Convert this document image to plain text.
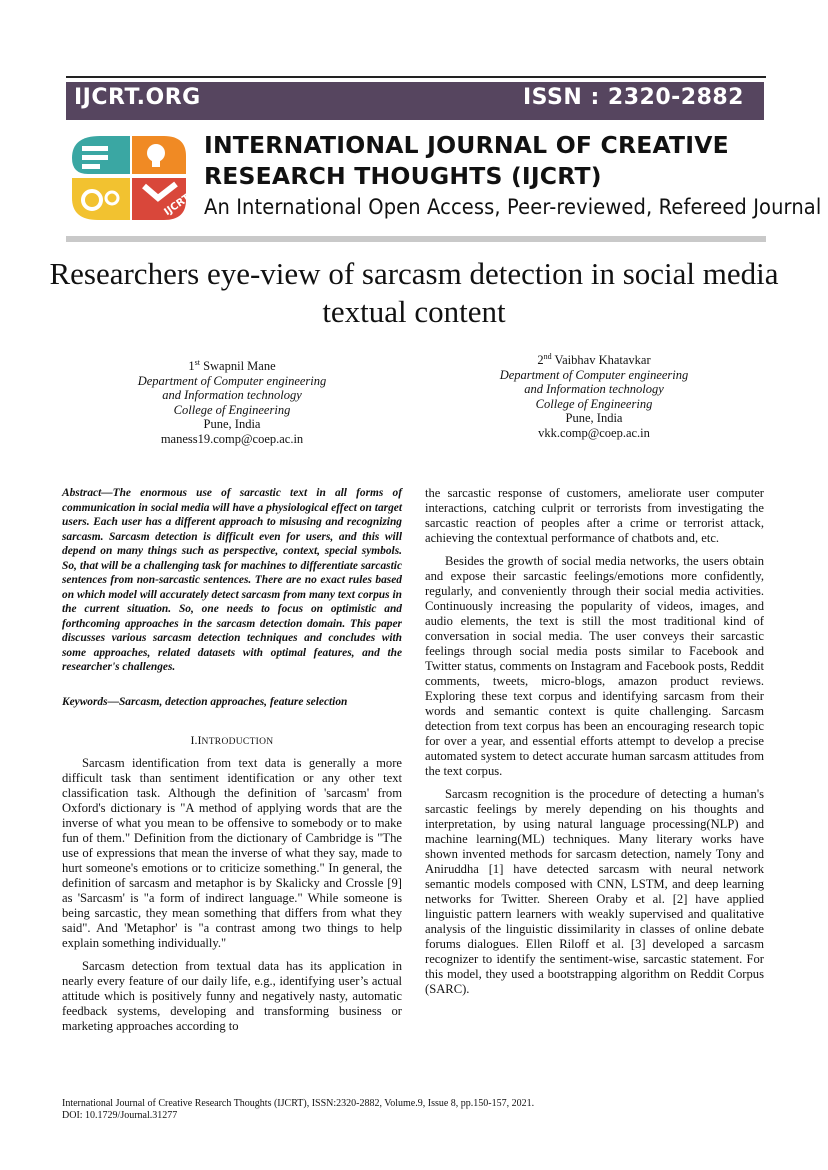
IJCRT.ORG	ISSN : 2320-2882
IJCRT
INTERNATIONAL JOURNAL OF CREATIVE
RESEARCH THOUGHTS (IJCRT)
An International Open Access, Peer-reviewed, Refereed Journal
Researchers eye-view of sarcasm detection in social media textual content
1st Swapnil Mane
Department of Computer engineering
and Information technology
College of Engineering
Pune, India
maness19.comp@coep.ac.in
2nd Vaibhav Khatavkar
Department of Computer engineering
and Information technology
College of Engineering
Pune, India
vkk.comp@coep.ac.in

Abstract—The enormous use of sarcastic text in all forms of communication in social media will have a physiological effect on target users. Each user has a different approach to misusing and recognizing sarcasm. Sarcasm detection is difficult even for users, and this will depend on many things such as perspective, context, special symbols. So, that will be a challenging task for machines to differentiate sarcastic sentences from non-sarcastic sentences. There are no exact rules based on which model will accurately detect sarcasm from many text corpus in the current situation. So, one needs to focus on optimistic and forthcoming approaches in the sarcasm detection domain. This paper discusses various sarcasm detection techniques and concludes with some approaches, related datasets with optimal features, and the researcher's challenges.

Keywords—Sarcasm, detection approaches, feature selection

I.INTRODUCTION

Sarcasm identification from text data is generally a more difficult task than sentiment identification or any other text classification task. Although the definition of 'sarcasm' from Oxford's dictionary is "A method of applying words that are the inverse of what you mean to be offensive to somebody or to make fun of them." Definition from the dictionary of Cambridge is "The use of expressions that mean the inverse of what they say, made to hurt someone's emotions or to criticize something." In general, the definition of sarcasm and metaphor is by Skalicky and Crossle [9] as 'Sarcasm' is "a form of indirect language." While someone is being sarcastic, they mean something that differs from what they said". And 'Metaphor' is "a contrast among two things to help explain something individually."

Sarcasm detection from textual data has its application in nearly every feature of our daily life, e.g., identifying user’s actual attitude which is positively funny and negatively nasty, automatic feedback systems, developing and transforming business or marketing approaches according to

the sarcastic response of customers, ameliorate user computer interactions, catching culprit or terrorists from investigating the sarcastic reaction of peoples after a crime or terrorist attack, achieving the contextual performance of chatbots and, etc.

Besides the growth of social media networks, the users obtain and expose their sarcastic feelings/emotions more confidently, regularly, and conveniently through their social media activities. Continuously increasing the popularity of videos, images, and audio elements, the text is still the most traditional kind of conversation in social media. The user conveys their sarcastic feelings through social media posts similar to Facebook and Twitter status, comments on Instagram and Facebook posts, Reddit comments, tweets, micro-blogs, amazon product reviews. Exploring these text corpus and identifying sarcasm from their words and semantic context is quite challenging. Sarcasm detection from text corpus has been an encouraging research topic for over a year, and essential efforts attempt to develop a precise automated system to detect accurate human sarcasm attitudes from the text corpus.

Sarcasm recognition is the procedure of detecting a human's sarcastic feelings by merely depending on his thoughts and interpretation, by using natural language processing(NLP) and machine learning(ML) techniques. Many literary works have shown invented methods for sarcasm detection, namely Tony and Aniruddha [1] have detected sarcasm with neural network semantic models composed with CNN, LSTM, and deep learning networks for Twitter. Shereen Oraby et al. [2] have applied linguistic pattern learners with weakly supervised and qualitative analysis of the linguistic dissimilarity in classes of online debate forums dialogues. Ellen Riloff et al. [3] developed a sarcasm recognizer to identify the sentiment-wise, sarcastic statement. For this model, they used a bootstrapping algorithm on Reddit Corpus (SARC).

International Journal of Creative Research Thoughts (IJCRT), ISSN:2320-2882, Volume.9, Issue 8, pp.150-157, 2021.
DOI: 10.1729/Journal.31277
